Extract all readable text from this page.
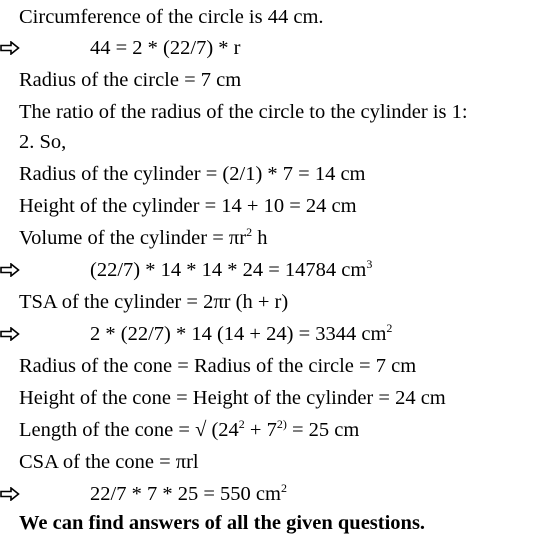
Circumference of the circle is 44 cm.
44 = 2 * (22/7) * r
Radius of the circle = 7 cm
The ratio of the radius of the circle to the cylinder is 1:
2. So,
Radius of the cylinder = (2/1) * 7 = 14 cm
Height of the cylinder = 14 + 10 = 24 cm
Volume of the cylinder = $\pi r^2$ h
(22/7) * 14 * 14 * 24 = 14784 $cm^3$
TSA of the cylinder = 2πr (h + r)
2 * (22/7) * 14 (14 + 24) = 3344 $cm^2$
Radius of the cone = Radius of the circle = 7 cm
Height of the cone = Height of the cylinder = 24 cm
Length of the cone = √ ($24^2 + 7^{2)} = 25$ cm
CSA of the cone = πrl
22/7 * 7 * 25 = 550 $cm^2$
We can find answers of all the given questions.
